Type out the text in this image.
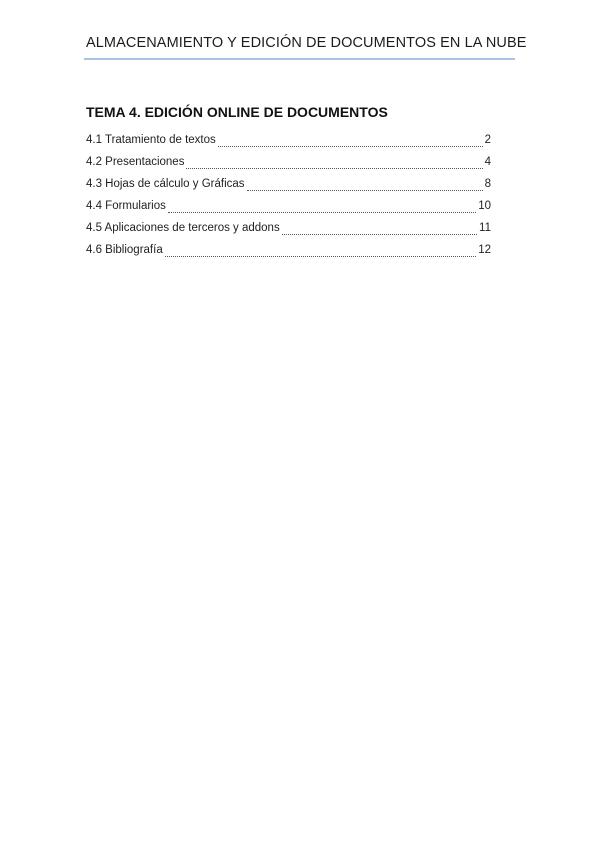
ALMACENAMIENTO Y EDICIÓN DE DOCUMENTOS EN LA NUBE
TEMA 4. EDICIÓN ONLINE DE DOCUMENTOS
4.1 Tratamiento de textos	2
4.2 Presentaciones	4
4.3 Hojas de cálculo y Gráficas	8
4.4 Formularios	10
4.5 Aplicaciones de terceros y addons	11
4.6 Bibliografía	12
